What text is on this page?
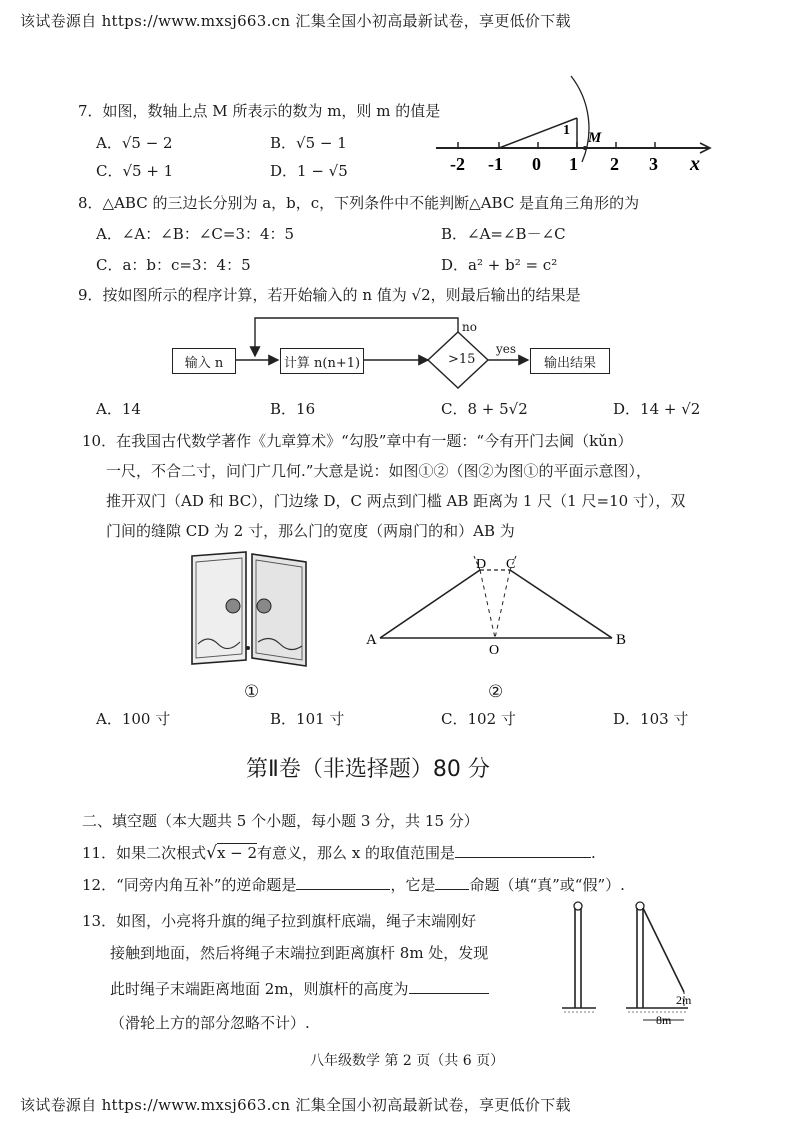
该试卷源自 https://www.mxsj663.cn 汇集全国小初高最新试卷，享更低价下载
7．如图，数轴上点 M 所表示的数为 m，则 m 的值是
A．√5 − 2	B．√5 − 1
C．√5 + 1	D．1 − √5
1 M
-2 -1 0 1 2 3 x
8．△ABC 的三边长分别为 a，b，c，下列条件中不能判断△ABC 是直角三角形的为
A．∠A：∠B：∠C=3：4：5	B．∠A=∠B－∠C
C．a：b：c=3：4：5	D．a² + b² = c²
9．按如图所示的程序计算，若开始输入的 n 值为 √2，则最后输出的结果是
输入 n	计算 n(n+1)	>15	输出结果
no
yes
A．14	B．16	C．8 + 5√2	D．14 + √2
10．在我国古代数学著作《九章算术》“勾股”章中有一题：“今有开门去阃（kǔn）
一尺，不合二寸，问门广几何.”大意是说：如图①②（图②为图①的平面示意图），
推开双门（AD 和 BC），门边缘 D，C 两点到门槛 AB 距离为 1 尺（1 尺=10 寸），双
门间的缝隙 CD 为 2 寸，那么门的宽度（两扇门的和）AB 为
①
A	B
D C
O
②
A．100 寸	B．101 寸	C．102 寸	D．103 寸
第Ⅱ卷（非选择题）80 分
二、填空题（本大题共 5 个小题，每小题 3 分，共 15 分）
11．如果二次根式√x − 2有意义，那么 x 的取值范围是	.
12．“同旁内角互补”的逆命题是	，它是 命题（填“真”或“假”）.
13．如图，小亮将升旗的绳子拉到旗杆底端，绳子末端刚好
接触到地面，然后将绳子末端拉到距离旗杆 8m 处，发现
此时绳子末端距离地面 2m，则旗杆的高度为
（滑轮上方的部分忽略不计）.
2m
8m
八年级数学 第 2 页（共 6 页）
该试卷源自 https://www.mxsj663.cn 汇集全国小初高最新试卷，享更低价下载
